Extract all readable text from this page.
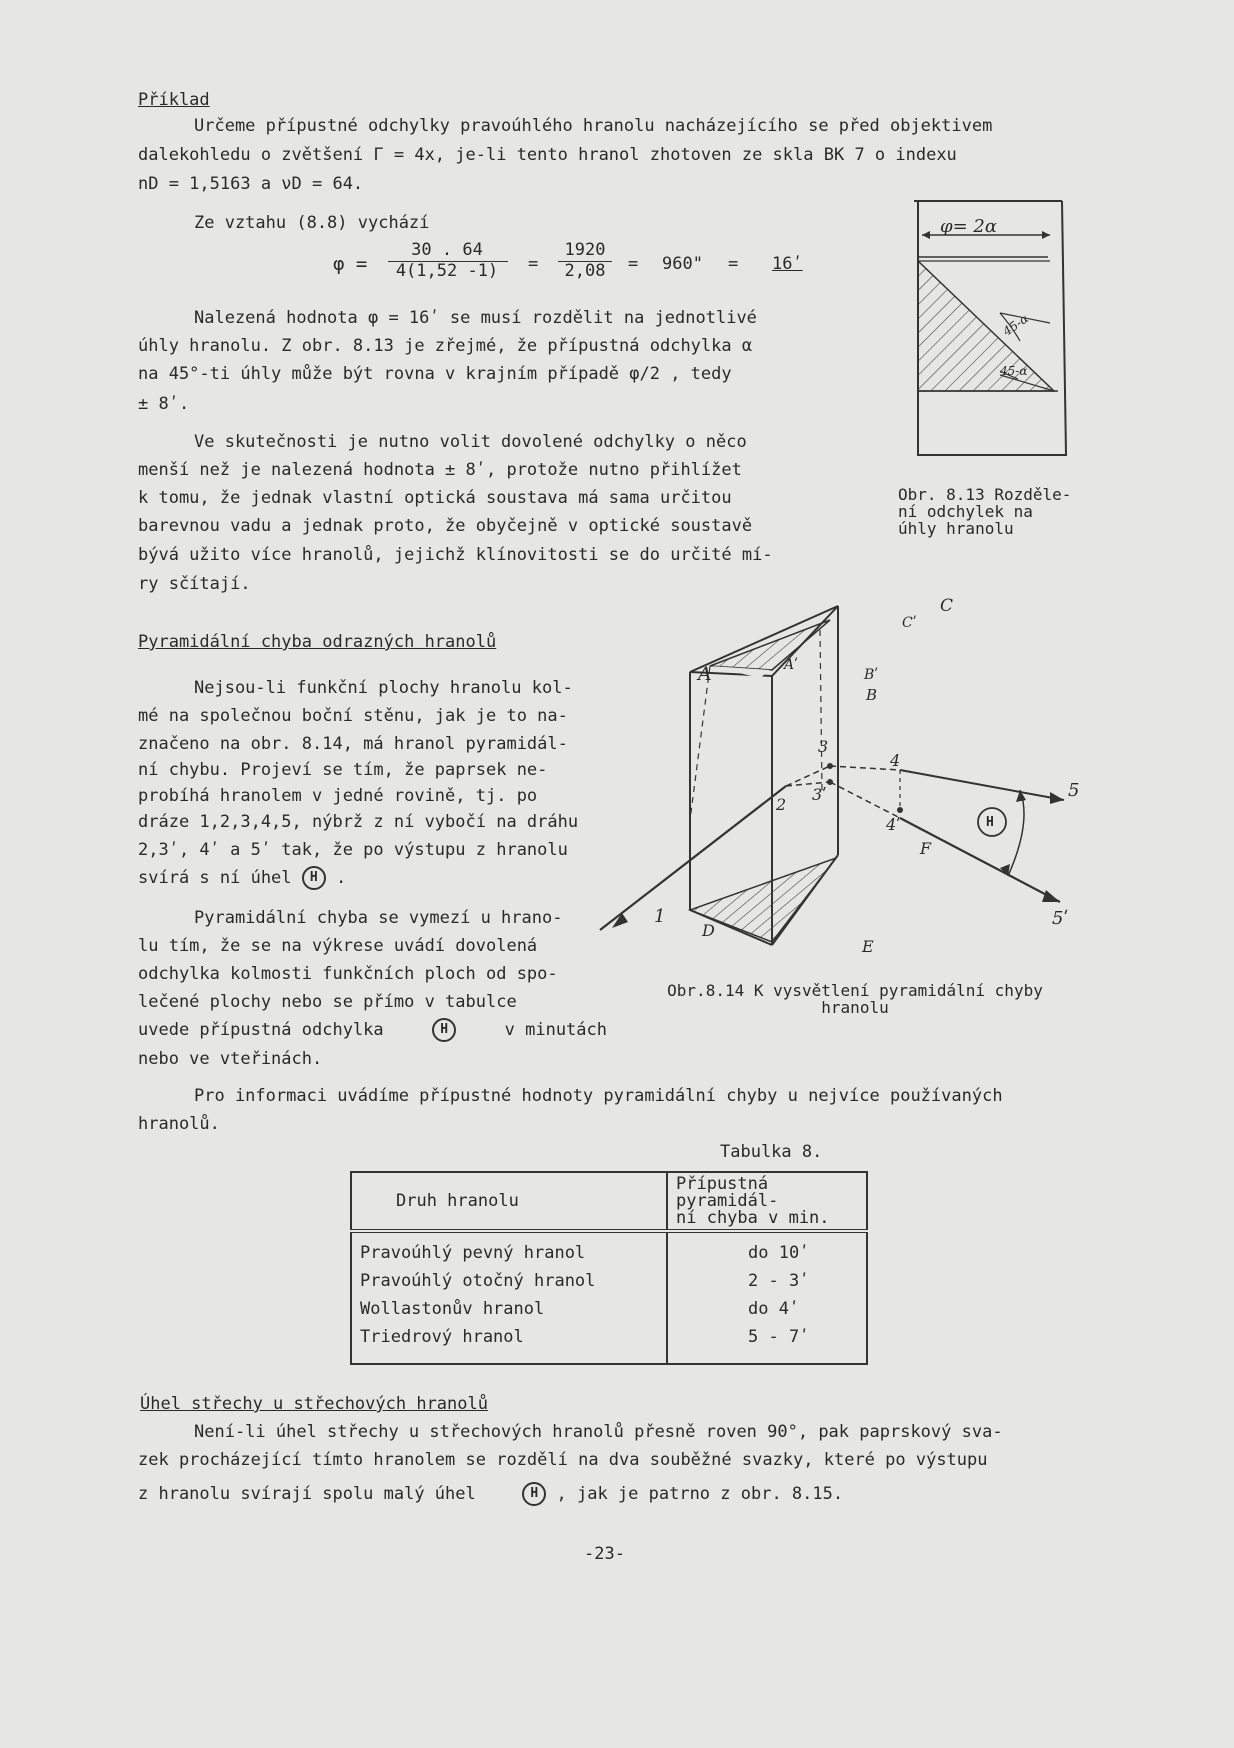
Příklad
Určeme přípustné odchylky pravoúhlého hranolu nacházejícího se před objektivem
dalekohledu o zvětšení Γ = 4x, je-li tento hranol zhotoven ze skla BK 7 o indexu
nD = 1,5163 a νD = 64.
Ze vztahu (8.8) vychází
φ =
30 . 64
4(1,52 -1)	=
1920
2,08	= 960" = 16ʹ
Nalezená hodnota φ = 16ʹ se musí rozdělit na jednotlivé
úhly hranolu. Z obr. 8.13 je zřejmé, že přípustná odchylka α
na 45°-ti úhly může být rovna v krajním případě φ/2 , tedy
± 8ʹ.
Ve skutečnosti je nutno volit dovolené odchylky o něco
menší než je nalezená hodnota ± 8ʹ, protože nutno přihlížet
k tomu, že jednak vlastní optická soustava má sama určitou
barevnou vadu a jednak proto, že obyčejně v optické soustavě
bývá užito více hranolů, jejichž klínovitosti se do určité mí-
ry sčítají.
φ= 2α
45-α
45-α
Obr. 8.13 Rozděle-
ní odchylek na
úhly hranolu
Pyramidální chyba odrazných hranolů
Nejsou-li funkční plochy hranolu kol-
mé na společnou boční stěnu, jak je to na-
značeno na obr. 8.14, má hranol pyramidál-
ní chybu. Projeví se tím, že paprsek ne-
probíhá hranolem v jedné rovině, tj. po
dráze 1,2,3,4,5, nýbrž z ní vybočí na dráhu
2,3ʹ, 4ʹ a 5ʹ tak, že po výstupu z hranolu
svírá s ní úhel H .
Pyramidální chyba se vymezí u hrano-
lu tím, že se na výkrese uvádí dovolená
odchylka kolmosti funkčních ploch od spo-
lečené plochy nebo se přímo v tabulce
uvede přípustná odchylka	H	v minutách
nebo ve vteřinách.
A	Aʹ
Bʹ
B
Cʹ
C
D
E
F
1
2
3
3ʹ
4
4ʹ
5
5ʹ
H
Obr.8.14 K vysvětlení pyramidální chyby
hranolu
Pro informaci uvádíme přípustné hodnoty pyramidální chyby u nejvíce používaných
hranolů.
Tabulka 8.
Druh hranolu	Přípustná pyramidál-
ní chyba v min.
Pravoúhlý pevný hranol	do 10ʹ
Pravoúhlý otočný hranol	2 - 3ʹ
Wollastonův hranol	do 4ʹ
Triedrový hranol	5 - 7ʹ
Úhel střechy u střechových hranolů
Není-li úhel střechy u střechových hranolů přesně roven 90°, pak paprskový sva-
zek procházející tímto hranolem se rozdělí na dva souběžné svazky, které po výstupu
z hranolu svírají spolu malý úhel	H , jak je patrno z obr. 8.15.
-23-
